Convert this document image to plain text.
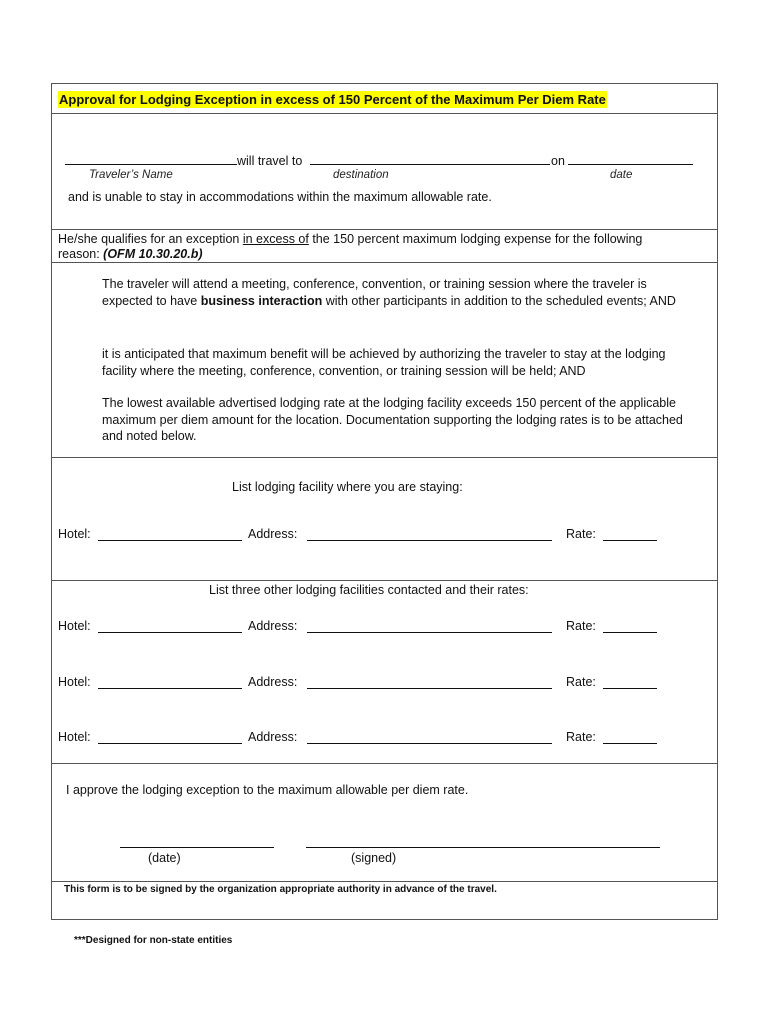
Approval for Lodging Exception in excess of 150 Percent of the Maximum Per Diem Rate
will travel to	on
Traveler’s Name	destination	date
and is unable to stay in accommodations within the maximum allowable rate.
He/she qualifies for an exception in excess of the 150 percent maximum lodging expense for the following
reason: (OFM 10.30.20.b)
The traveler will attend a meeting, conference, convention, or training session where the traveler is expected to have business interaction with other participants in addition to the scheduled events; AND
it is anticipated that maximum benefit will be achieved by authorizing the traveler to stay at the lodging facility where the meeting, conference, convention, or training session will be held; AND
The lowest available advertised lodging rate at the lodging facility exceeds 150 percent of the applicable maximum per diem amount for the location. Documentation supporting the lodging rates is to be attached and noted below.
List lodging facility where you are staying:
Hotel:	Address:	Rate:
List three other lodging facilities contacted and their rates:
Hotel:	Address:	Rate:
Hotel:	Address:	Rate:
Hotel:	Address:	Rate:
I approve the lodging exception to the maximum allowable per diem rate.
(date)	(signed)
This form is to be signed by the organization appropriate authority in advance of the travel.
***Designed for non-state entities
